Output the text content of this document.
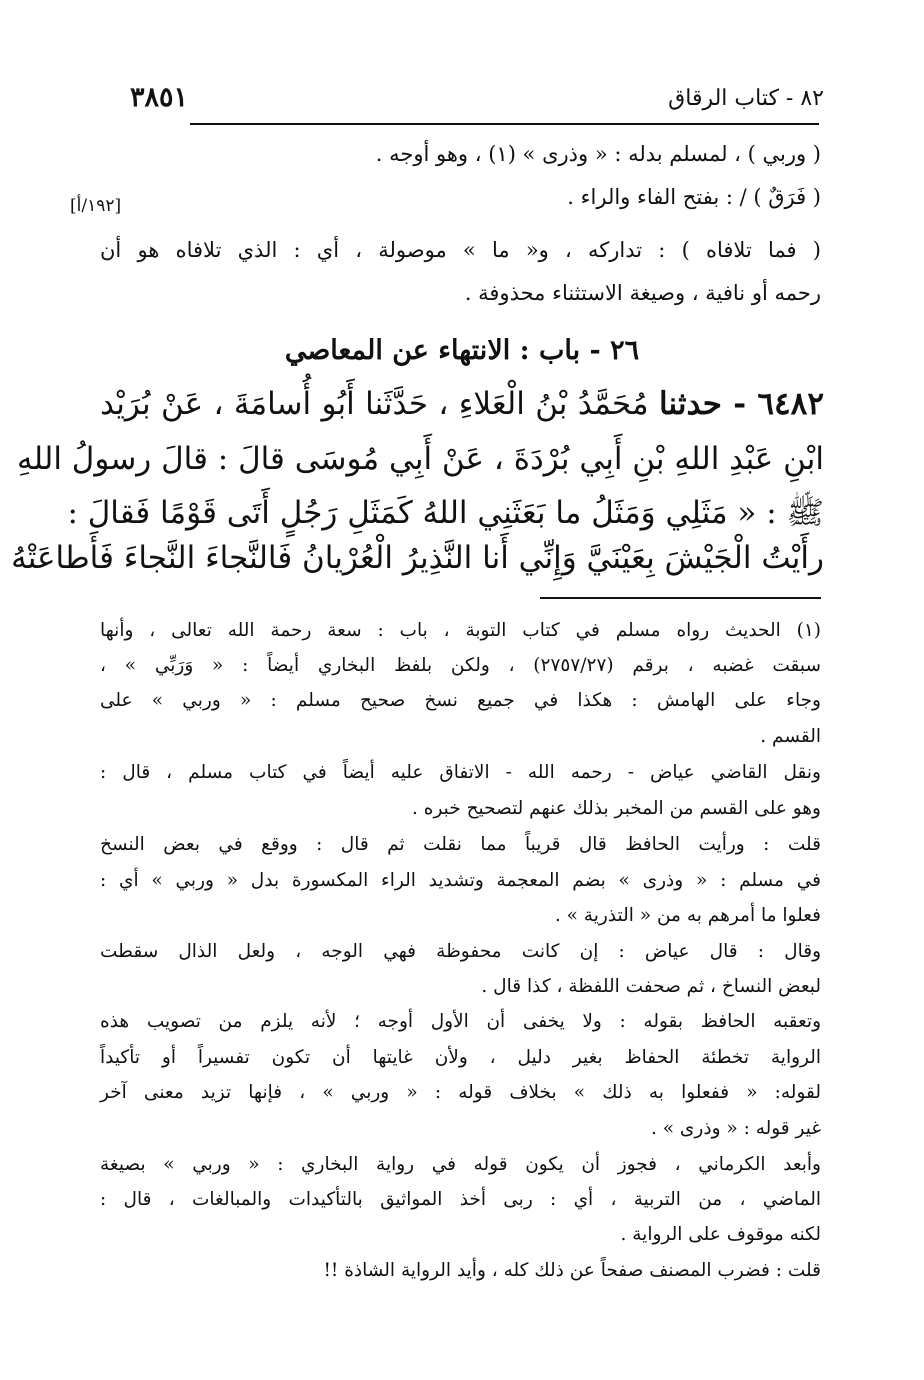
٣٨٥١	٨٢ - كتاب الرقاق
[١٩٢/أ]
( وربي ) ، لمسلم بدله : « وذرى » (١) ، وهو أوجه .
( فَرَقٌ ) / : بفتح الفاء والراء .
( فما تلافاه ) : تداركه ، و« ما » موصولة ، أي : الذي تلافاه هو أن
رحمه أو نافية ، وصيغة الاستثناء محذوفة .
٢٦ - باب : الانتهاء عن المعاصي
٦٤٨٢ - حدثنا مُحَمَّدُ بْنُ الْعَلاءِ ، حَدَّثَنا أَبُو أُسامَةَ ، عَنْ بُرَيْد
ابْنِ عَبْدِ اللهِ بْنِ أَبِي بُرْدَةَ ، عَنْ أَبِي مُوسَى قالَ : قالَ رسولُ اللهِ
ﷺ : « مَثَلِي وَمَثَلُ ما بَعَثَنِي اللهُ كَمَثَلِ رَجُلٍ أَتَى قَوْمًا فَقالَ :
رأَيْتُ الْجَيْشَ بِعَيْنَيَّ وَإِنِّي أَنا النَّذِيرُ الْعُرْيانُ فَالنَّجاءَ النَّجاءَ فَأَطاعَتْهُ
(١) الحديث رواه مسلم في كتاب التوبة ، باب : سعة رحمة الله تعالى ، وأنها
سبقت غضبه ، برقم (٢٧٥٧/٢٧) ، ولكن بلفظ البخاري أيضاً : « وَرَبِّي » ،
وجاء على الهامش : هكذا في جميع نسخ صحيح مسلم : « وربي » على
القسم .
ونقل القاضي عياض - رحمه الله - الاتفاق عليه أيضاً في كتاب مسلم ، قال :
وهو على القسم من المخبر بذلك عنهم لتصحيح خبره .
قلت : ورأيت الحافظ قال قريباً مما نقلت ثم قال : ووقع في بعض النسخ
في مسلم : « وذرى » بضم المعجمة وتشديد الراء المكسورة بدل « وربي » أي :
فعلوا ما أمرهم به من « التذرية » .
وقال : قال عياض : إن كانت محفوظة فهي الوجه ، ولعل الذال سقطت
لبعض النساخ ، ثم صحفت اللفظة ، كذا قال .
وتعقبه الحافظ بقوله : ولا يخفى أن الأول أوجه ؛ لأنه يلزم من تصويب هذه
الرواية تخطئة الحفاظ بغير دليل ، ولأن غايتها أن تكون تفسيراً أو تأكيداً
لقوله: « ففعلوا به ذلك » بخلاف قوله : « وربي » ، فإنها تزيد معنى آخر
غير قوله : « وذرى » .
وأبعد الكرماني ، فجوز أن يكون قوله في رواية البخاري : « وربي » بصيغة
الماضي ، من التربية ، أي : ربى أخذ المواثيق بالتأكيدات والمبالغات ، قال :
لكنه موقوف على الرواية .
قلت : فضرب المصنف صفحاً عن ذلك كله ، وأيد الرواية الشاذة !!
